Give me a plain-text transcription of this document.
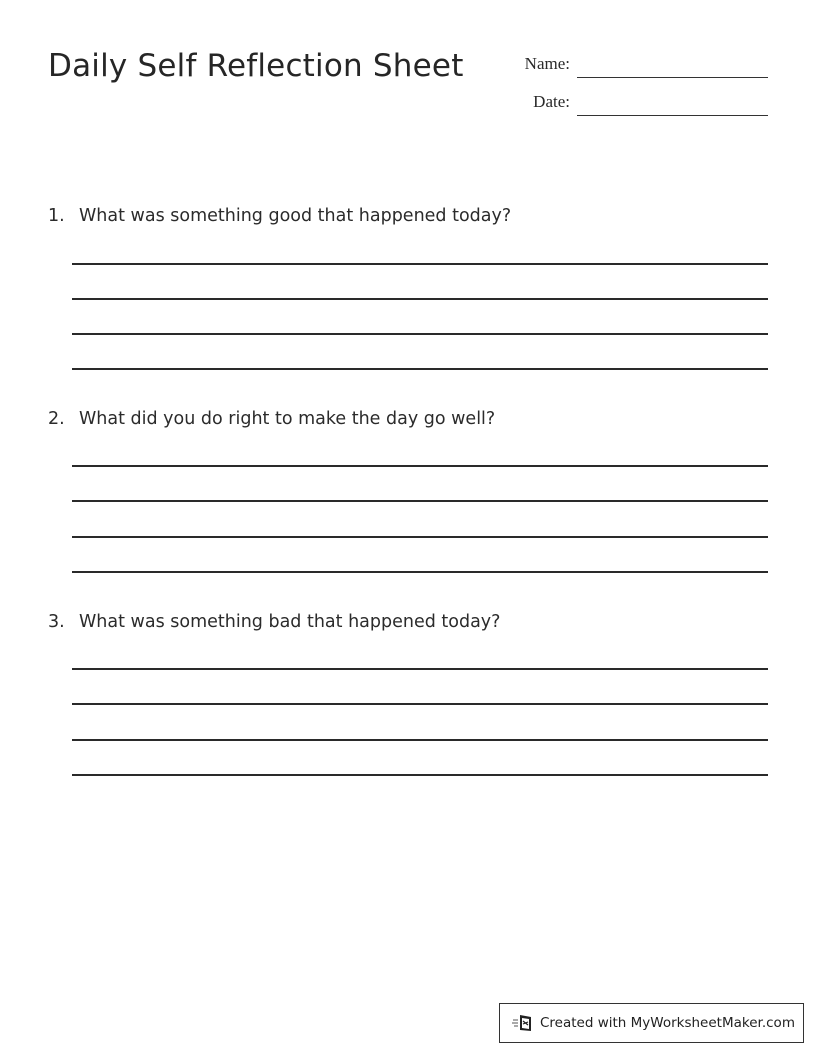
Daily Self Reflection Sheet	Name:
Date:
1. What was something good that happened today?
2. What did you do right to make the day go well?
3. What was something bad that happened today?
Created with MyWorksheetMaker.com
